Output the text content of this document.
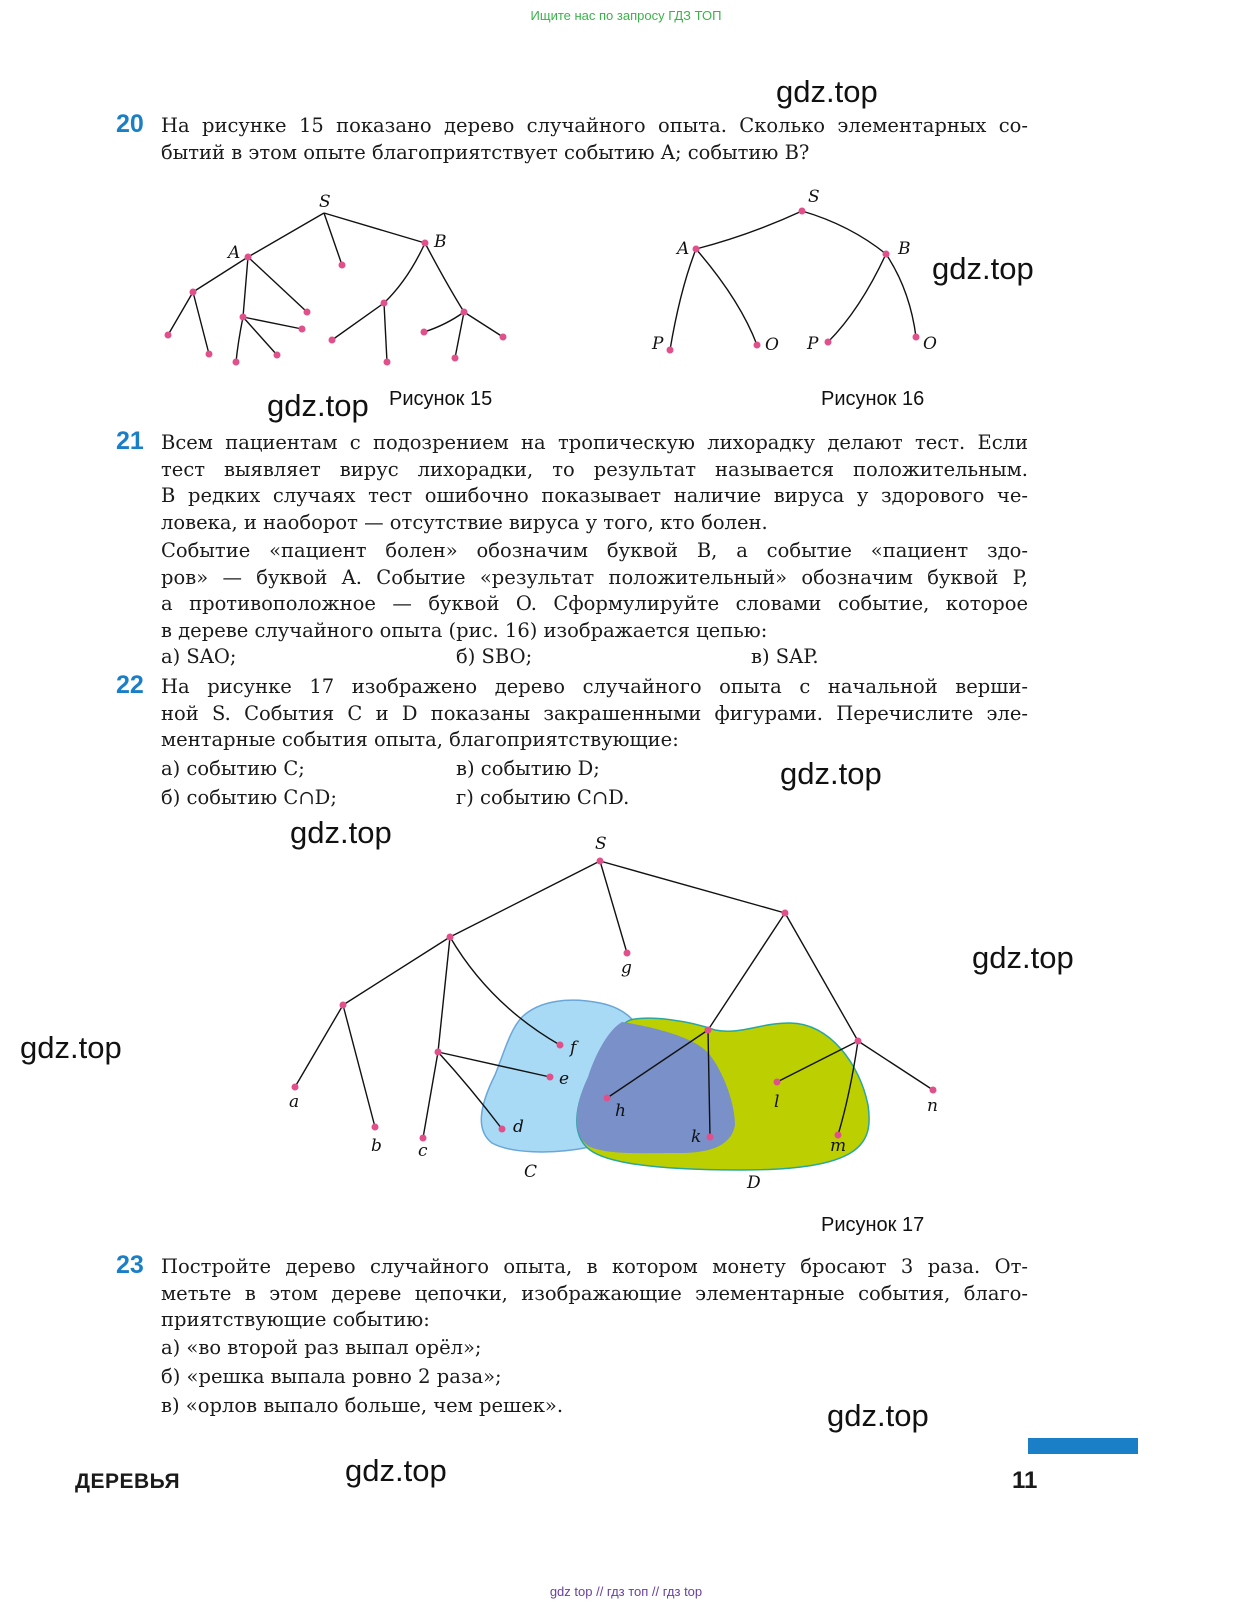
Ищите нас по запросу ГДЗ ТОП
gdz.top
gdz.top
gdz.top
gdz.top
gdz.top
gdz.top
gdz.top
gdz.top
gdz.top
20 На рисунке 15 показано дерево случайного опыта. Сколько элементарных со-
бытий в этом опыте благоприятствует событию A; событию B?
S
A
B
Рисунок 15
S
A	B
P	O P	O
Рисунок 16
21 Всем пациентам с подозрением на тропическую лихорадку делают тест. Если
тест выявляет вирус лихорадки, то результат называется положительным.
В редких случаях тест ошибочно показывает наличие вируса у здорового че-
ловека, и наоборот — отсутствие вируса у того, кто болен.
Событие «пациент болен» обозначим буквой B, а событие «пациент здо-
ров» — буквой A. Событие «результат положительный» обозначим буквой P,
а противоположное — буквой O. Сформулируйте словами событие, которое
в дереве случайного опыта (рис. 16) изображается цепью:
а) SAO;	б) SBO;	в) SAP.
22 На рисунке 17 изображено дерево случайного опыта с начальной верши-
ной S. События C и D показаны закрашенными фигурами. Перечислите эле-
ментарные события опыта, благоприятствующие:
а) событию C;	в) событию D;
б) событию C∩D;	г) событию C∩D.
S
g
a
b c
d
e
f
h
k
l
m
n
C
D
Рисунок 17
23 Постройте дерево случайного опыта, в котором монету бросают 3 раза. От-
метьте в этом дереве цепочки, изображающие элементарные события, благо-
приятствующие событию:
а) «во второй раз выпал орёл»;
б) «решка выпала ровно 2 раза»;
в) «орлов выпало больше, чем решек».
ДЕРЕВЬЯ	11
gdz top // гдз топ // гдз top
